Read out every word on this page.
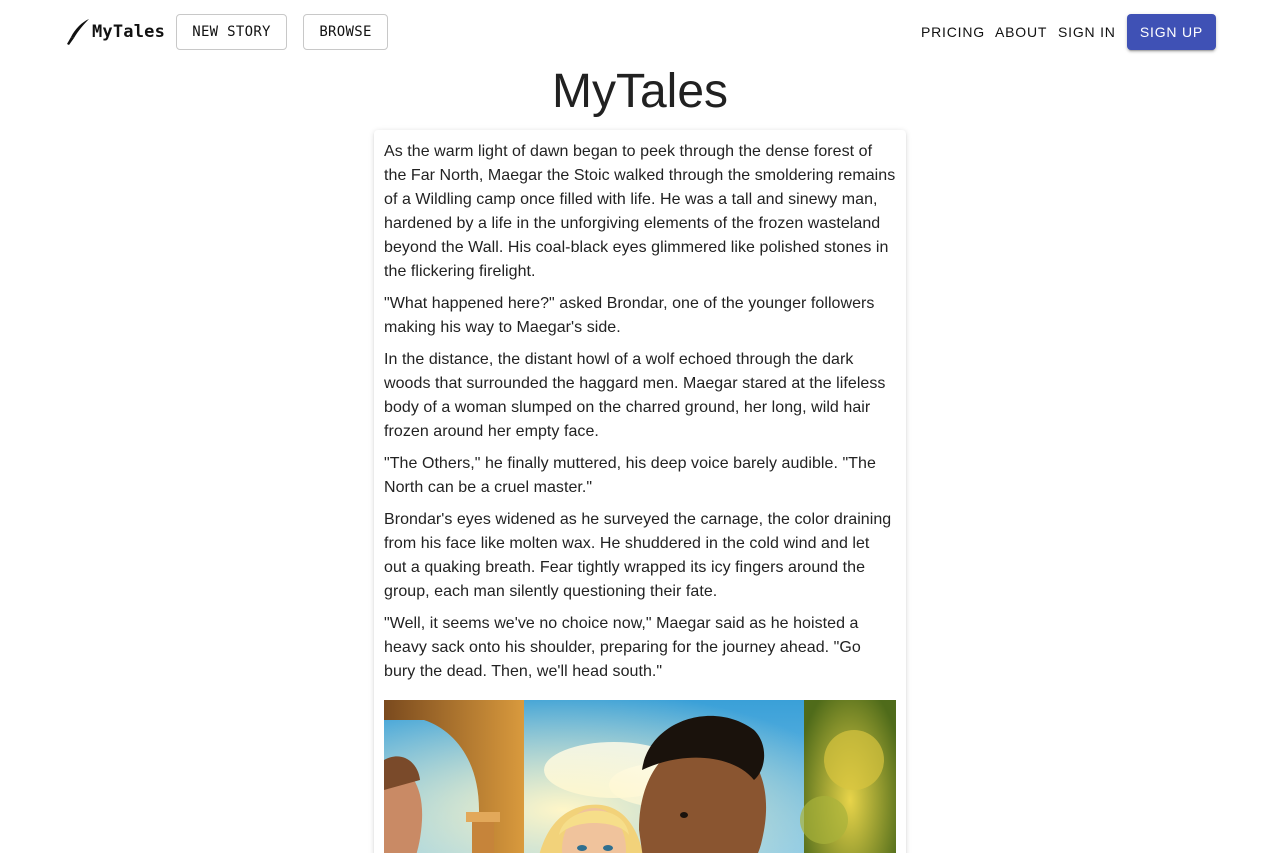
MyTales	NEW STORY	BROWSE	PRICING ABOUT SIGN IN	SIGN UP
MyTales

As the warm light of dawn began to peek through the dense forest of the Far North, Maegar the Stoic walked through the smoldering remains of a Wildling camp once filled with life. He was a tall and sinewy man, hardened by a life in the unforgiving elements of the frozen wasteland beyond the Wall. His coal-black eyes glimmered like polished stones in the flickering firelight.

"What happened here?" asked Brondar, one of the younger followers making his way to Maegar's side.

In the distance, the distant howl of a wolf echoed through the dark woods that surrounded the haggard men. Maegar stared at the lifeless body of a woman slumped on the charred ground, her long, wild hair frozen around her empty face.

"The Others," he finally muttered, his deep voice barely audible. "The North can be a cruel master."

Brondar's eyes widened as he surveyed the carnage, the color draining from his face like molten wax. He shuddered in the cold wind and let out a quaking breath. Fear tightly wrapped its icy fingers around the group, each man silently questioning their fate.

"Well, it seems we've no choice now," Maegar said as he hoisted a heavy sack onto his shoulder, preparing for the journey ahead. "Go bury the dead. Then, we'll head south."
